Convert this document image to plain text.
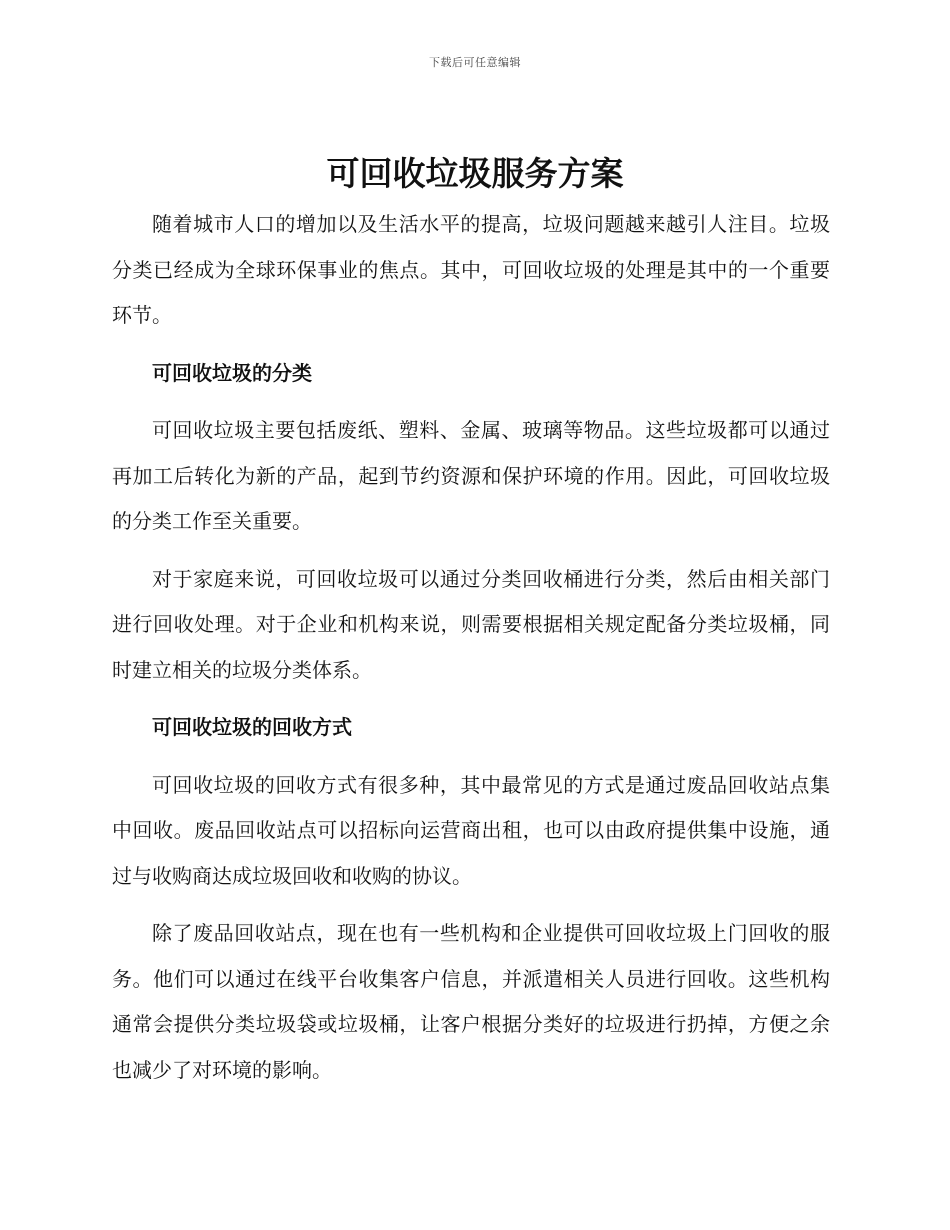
下载后可任意编辑
可回收垃圾服务方案

随着城市人口的增加以及生活水平的提高，垃圾问题越来越引人注目。垃圾分类已经成为全球环保事业的焦点。其中，可回收垃圾的处理是其中的一个重要环节。

可回收垃圾的分类

可回收垃圾主要包括废纸、塑料、金属、玻璃等物品。这些垃圾都可以通过再加工后转化为新的产品，起到节约资源和保护环境的作用。因此，可回收垃圾的分类工作至关重要。

对于家庭来说，可回收垃圾可以通过分类回收桶进行分类，然后由相关部门进行回收处理。对于企业和机构来说，则需要根据相关规定配备分类垃圾桶，同时建立相关的垃圾分类体系。

可回收垃圾的回收方式

可回收垃圾的回收方式有很多种，其中最常见的方式是通过废品回收站点集中回收。废品回收站点可以招标向运营商出租，也可以由政府提供集中设施，通过与收购商达成垃圾回收和收购的协议。

除了废品回收站点，现在也有一些机构和企业提供可回收垃圾上门回收的服务。他们可以通过在线平台收集客户信息，并派遣相关人员进行回收。这些机构通常会提供分类垃圾袋或垃圾桶，让客户根据分类好的垃圾进行扔掉，方便之余也减少了对环境的影响。
